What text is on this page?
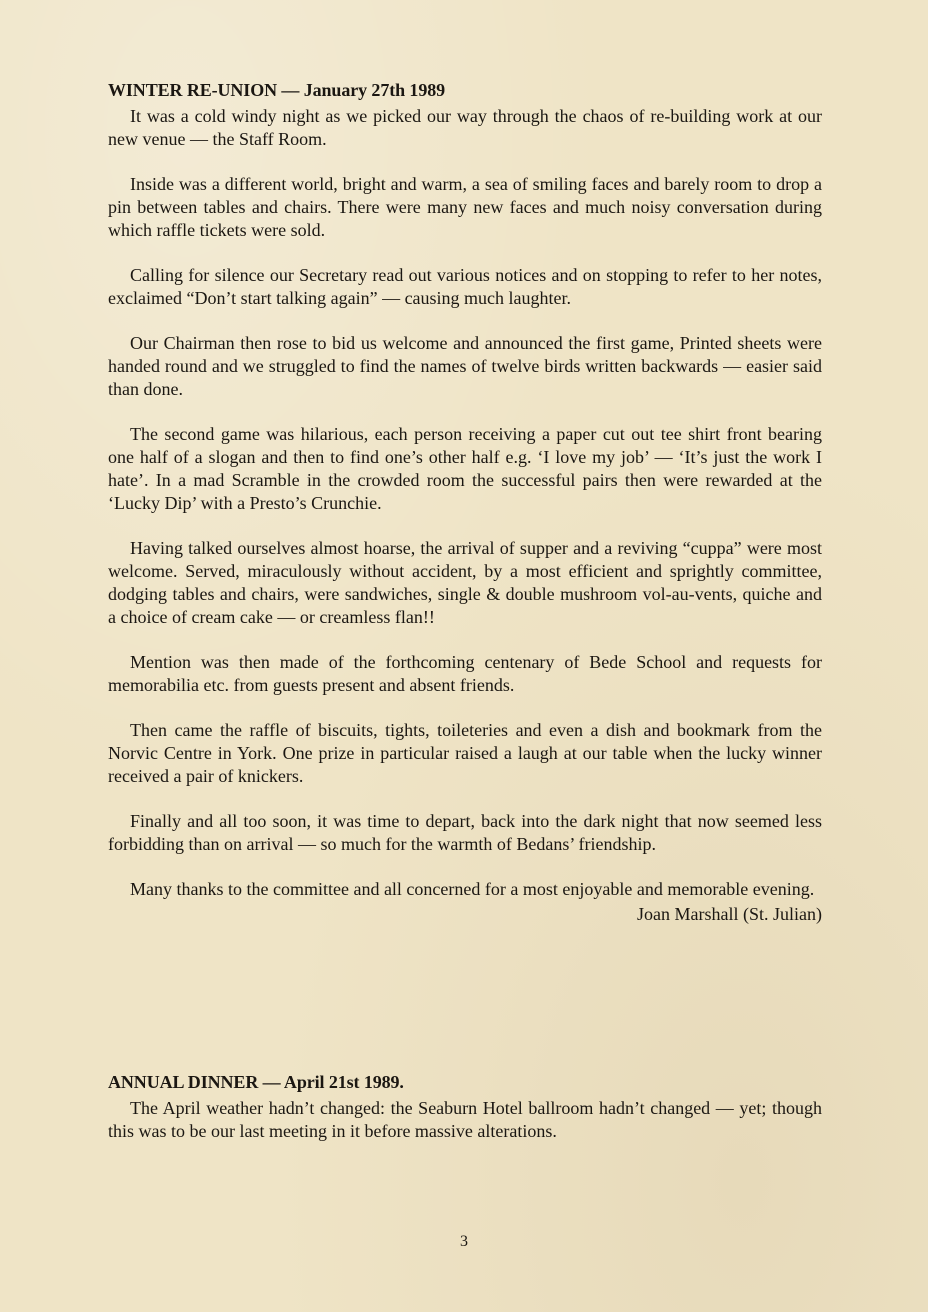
WINTER RE-UNION — January 27th 1989

It was a cold windy night as we picked our way through the chaos of re-building work at our new venue — the Staff Room.

Inside was a different world, bright and warm, a sea of smiling faces and barely room to drop a pin between tables and chairs. There were many new faces and much noisy conversation during which raffle tickets were sold.

Calling for silence our Secretary read out various notices and on stopping to refer to her notes, exclaimed “Don’t start talking again” — causing much laughter.

Our Chairman then rose to bid us welcome and announced the first game, Printed sheets were handed round and we struggled to find the names of twelve birds written backwards — easier said than done.

The second game was hilarious, each person receiving a paper cut out tee shirt front bearing one half of a slogan and then to find one’s other half e.g. ‘I love my job’ — ‘It’s just the work I hate’. In a mad Scramble in the crowded room the successful pairs then were rewarded at the ‘Lucky Dip’ with a Presto’s Crunchie.

Having talked ourselves almost hoarse, the arrival of supper and a reviving “cuppa” were most welcome. Served, miraculously without accident, by a most efficient and sprightly committee, dodging tables and chairs, were sandwiches, single & double mushroom vol-au-vents, quiche and a choice of cream cake — or creamless flan!!

Mention was then made of the forthcoming centenary of Bede School and requests for memorabilia etc. from guests present and absent friends.

Then came the raffle of biscuits, tights, toileteries and even a dish and bookmark from the Norvic Centre in York. One prize in particular raised a laugh at our table when the lucky winner received a pair of knickers.

Finally and all too soon, it was time to depart, back into the dark night that now seemed less forbidding than on arrival — so much for the warmth of Bedans’ friendship.

Many thanks to the committee and all concerned for a most enjoyable and memorable evening.

Joan Marshall (St. Julian)

ANNUAL DINNER — April 21st 1989.

The April weather hadn’t changed: the Seaburn Hotel ballroom hadn’t changed — yet; though this was to be our last meeting in it before massive alterations.

3
